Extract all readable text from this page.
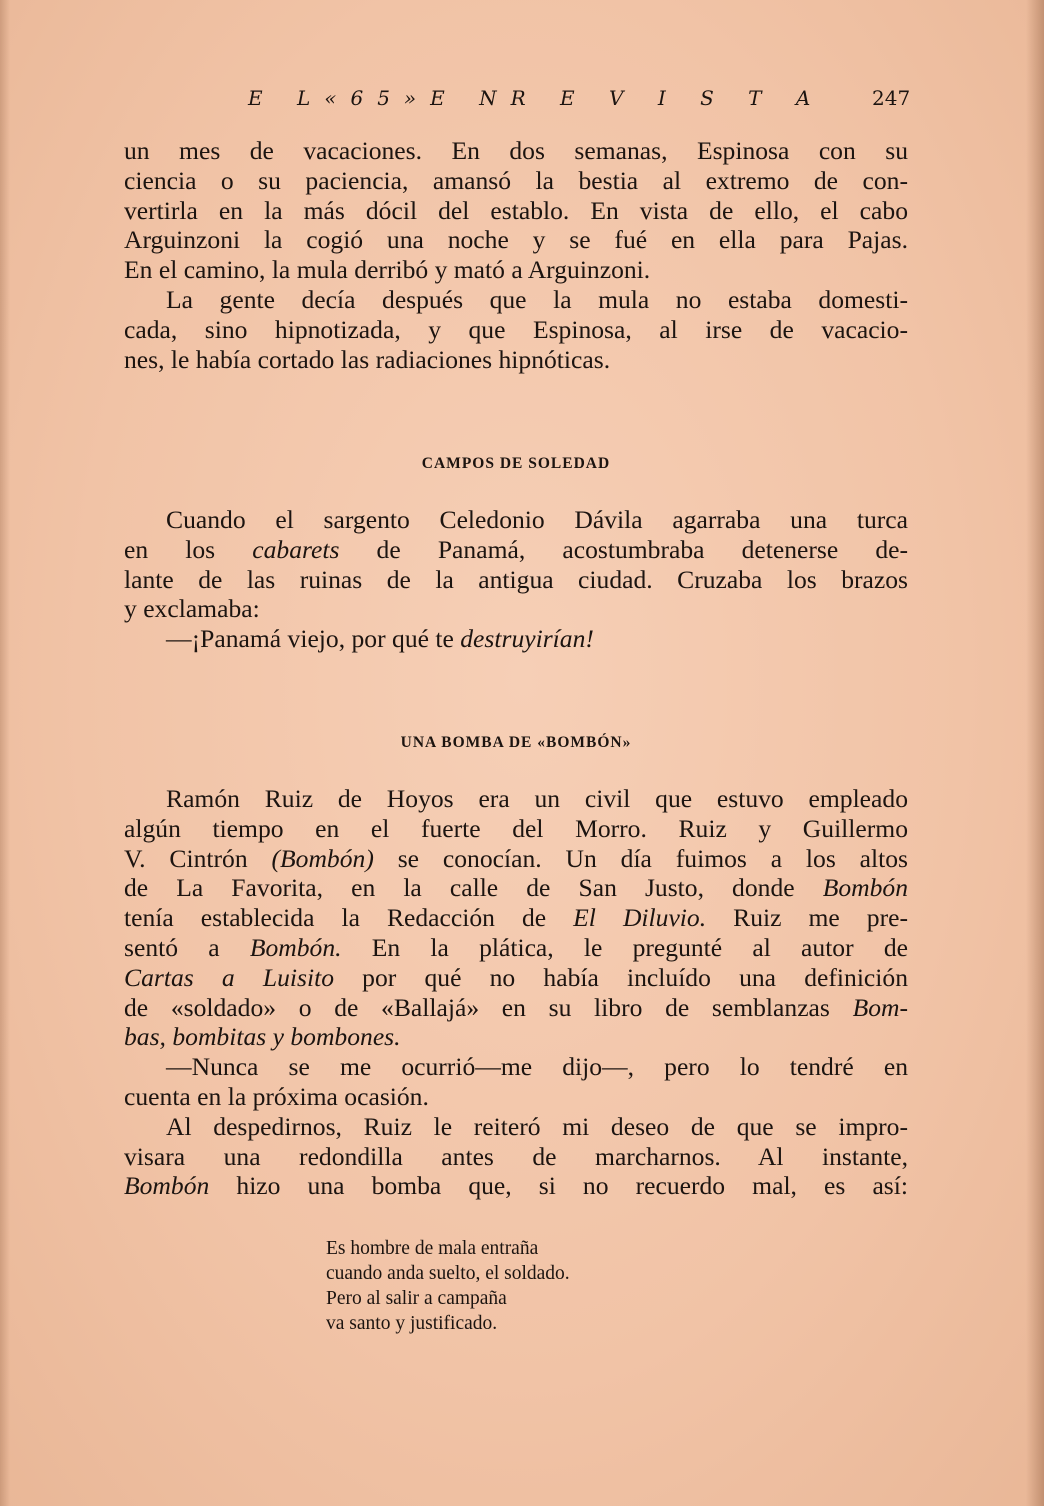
E L «65» E N R E V I S T A 247
un mes de vacaciones. En dos semanas, Espinosa con su
ciencia o su paciencia, amansó la bestia al extremo de con-
vertirla en la más dócil del establo. En vista de ello, el cabo
Arguinzoni la cogió una noche y se fué en ella para Pajas.
En el camino, la mula derribó y mató a Arguinzoni.
La gente decía después que la mula no estaba domesti-
cada, sino hipnotizada, y que Espinosa, al irse de vacacio-
nes, le había cortado las radiaciones hipnóticas.
CAMPOS DE SOLEDAD
Cuando el sargento Celedonio Dávila agarraba una turca
en los cabarets de Panamá, acostumbraba detenerse de-
lante de las ruinas de la antigua ciudad. Cruzaba los brazos
y exclamaba:
—¡Panamá viejo, por qué te destruyirían!
UNA BOMBA DE «BOMBÓN»
Ramón Ruiz de Hoyos era un civil que estuvo empleado
algún tiempo en el fuerte del Morro. Ruiz y Guillermo
V. Cintrón (Bombón) se conocían. Un día fuimos a los altos
de La Favorita, en la calle de San Justo, donde Bombón
tenía establecida la Redacción de El Diluvio. Ruiz me pre-
sentó a Bombón. En la plática, le pregunté al autor de
Cartas a Luisito por qué no había incluído una definición
de «soldado» o de «Ballajá» en su libro de semblanzas Bom-
bas, bombitas y bombones.
—Nunca se me ocurrió—me dijo—, pero lo tendré en
cuenta en la próxima ocasión.
Al despedirnos, Ruiz le reiteró mi deseo de que se impro-
visara una redondilla antes de marcharnos. Al instante,
Bombón hizo una bomba que, si no recuerdo mal, es así:
Es hombre de mala entraña
cuando anda suelto, el soldado.
Pero al salir a campaña
va santo y justificado.
